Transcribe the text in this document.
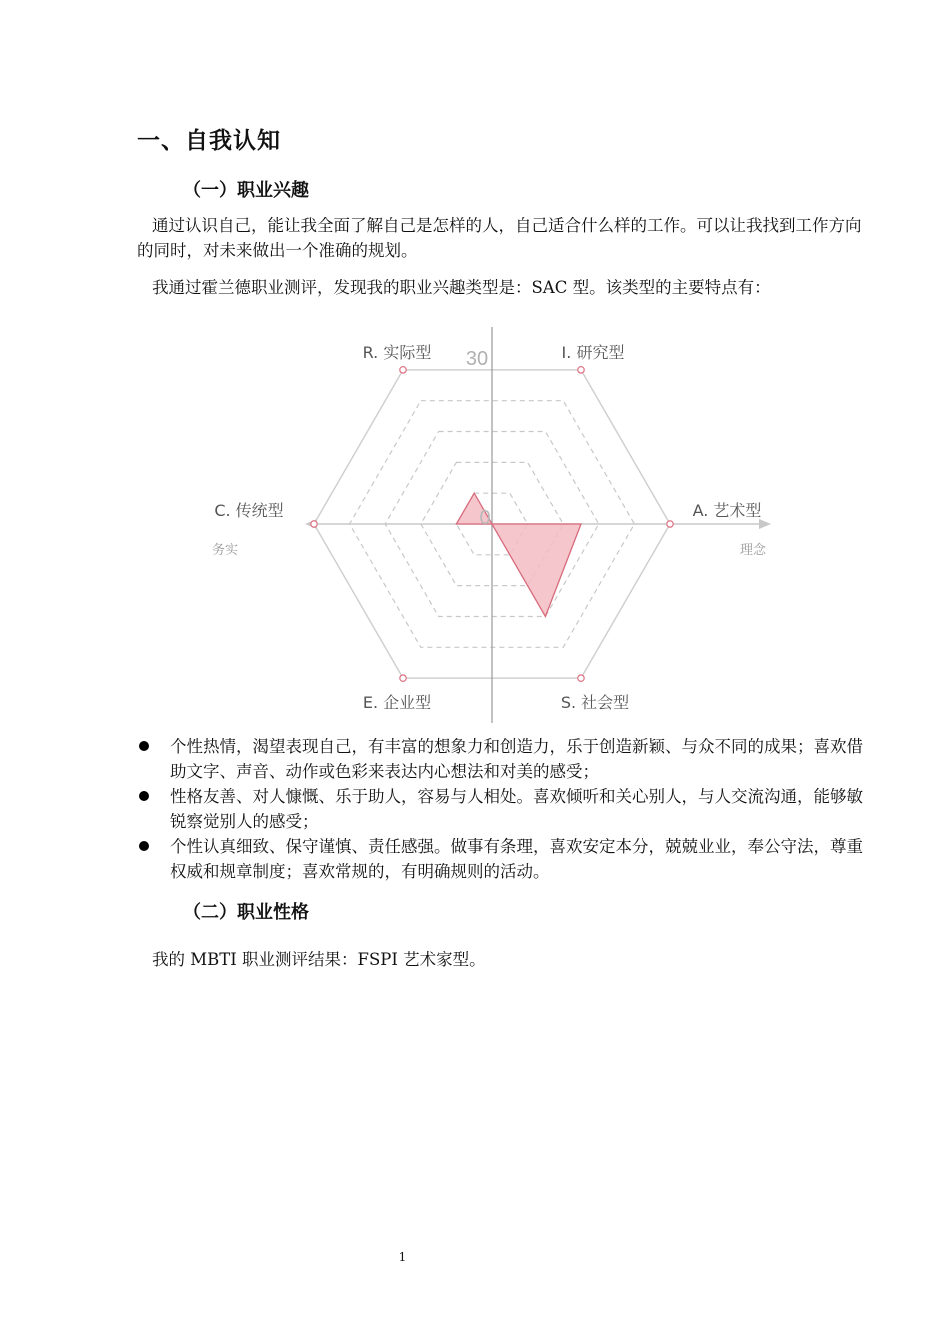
一、自我认知
（一）职业兴趣
通过认识自己，能让我全面了解自己是怎样的人，自己适合什么样的工作。可以让我找到工作方向的同时，对未来做出一个准确的规划。
我通过霍兰德职业测评，发现我的职业兴趣类型是：SAC 型。该类型的主要特点有：
30
0
R. 实际型	I. 研究型
A. 艺术型
S. 社会型
E. 企业型
C. 传统型
务实	理念
个性热情，渴望表现自己，有丰富的想象力和创造力，乐于创造新颖、与众不同的成果；喜欢借助文字、声音、动作或色彩来表达内心想法和对美的感受；
性格友善、对人慷慨、乐于助人，容易与人相处。喜欢倾听和关心别人，与人交流沟通，能够敏锐察觉别人的感受；
个性认真细致、保守谨慎、责任感强。做事有条理，喜欢安定本分，兢兢业业，奉公守法，尊重权威和规章制度；喜欢常规的，有明确规则的活动。
（二）职业性格
我的 MBTI 职业测评结果：FSPI 艺术家型。
1
